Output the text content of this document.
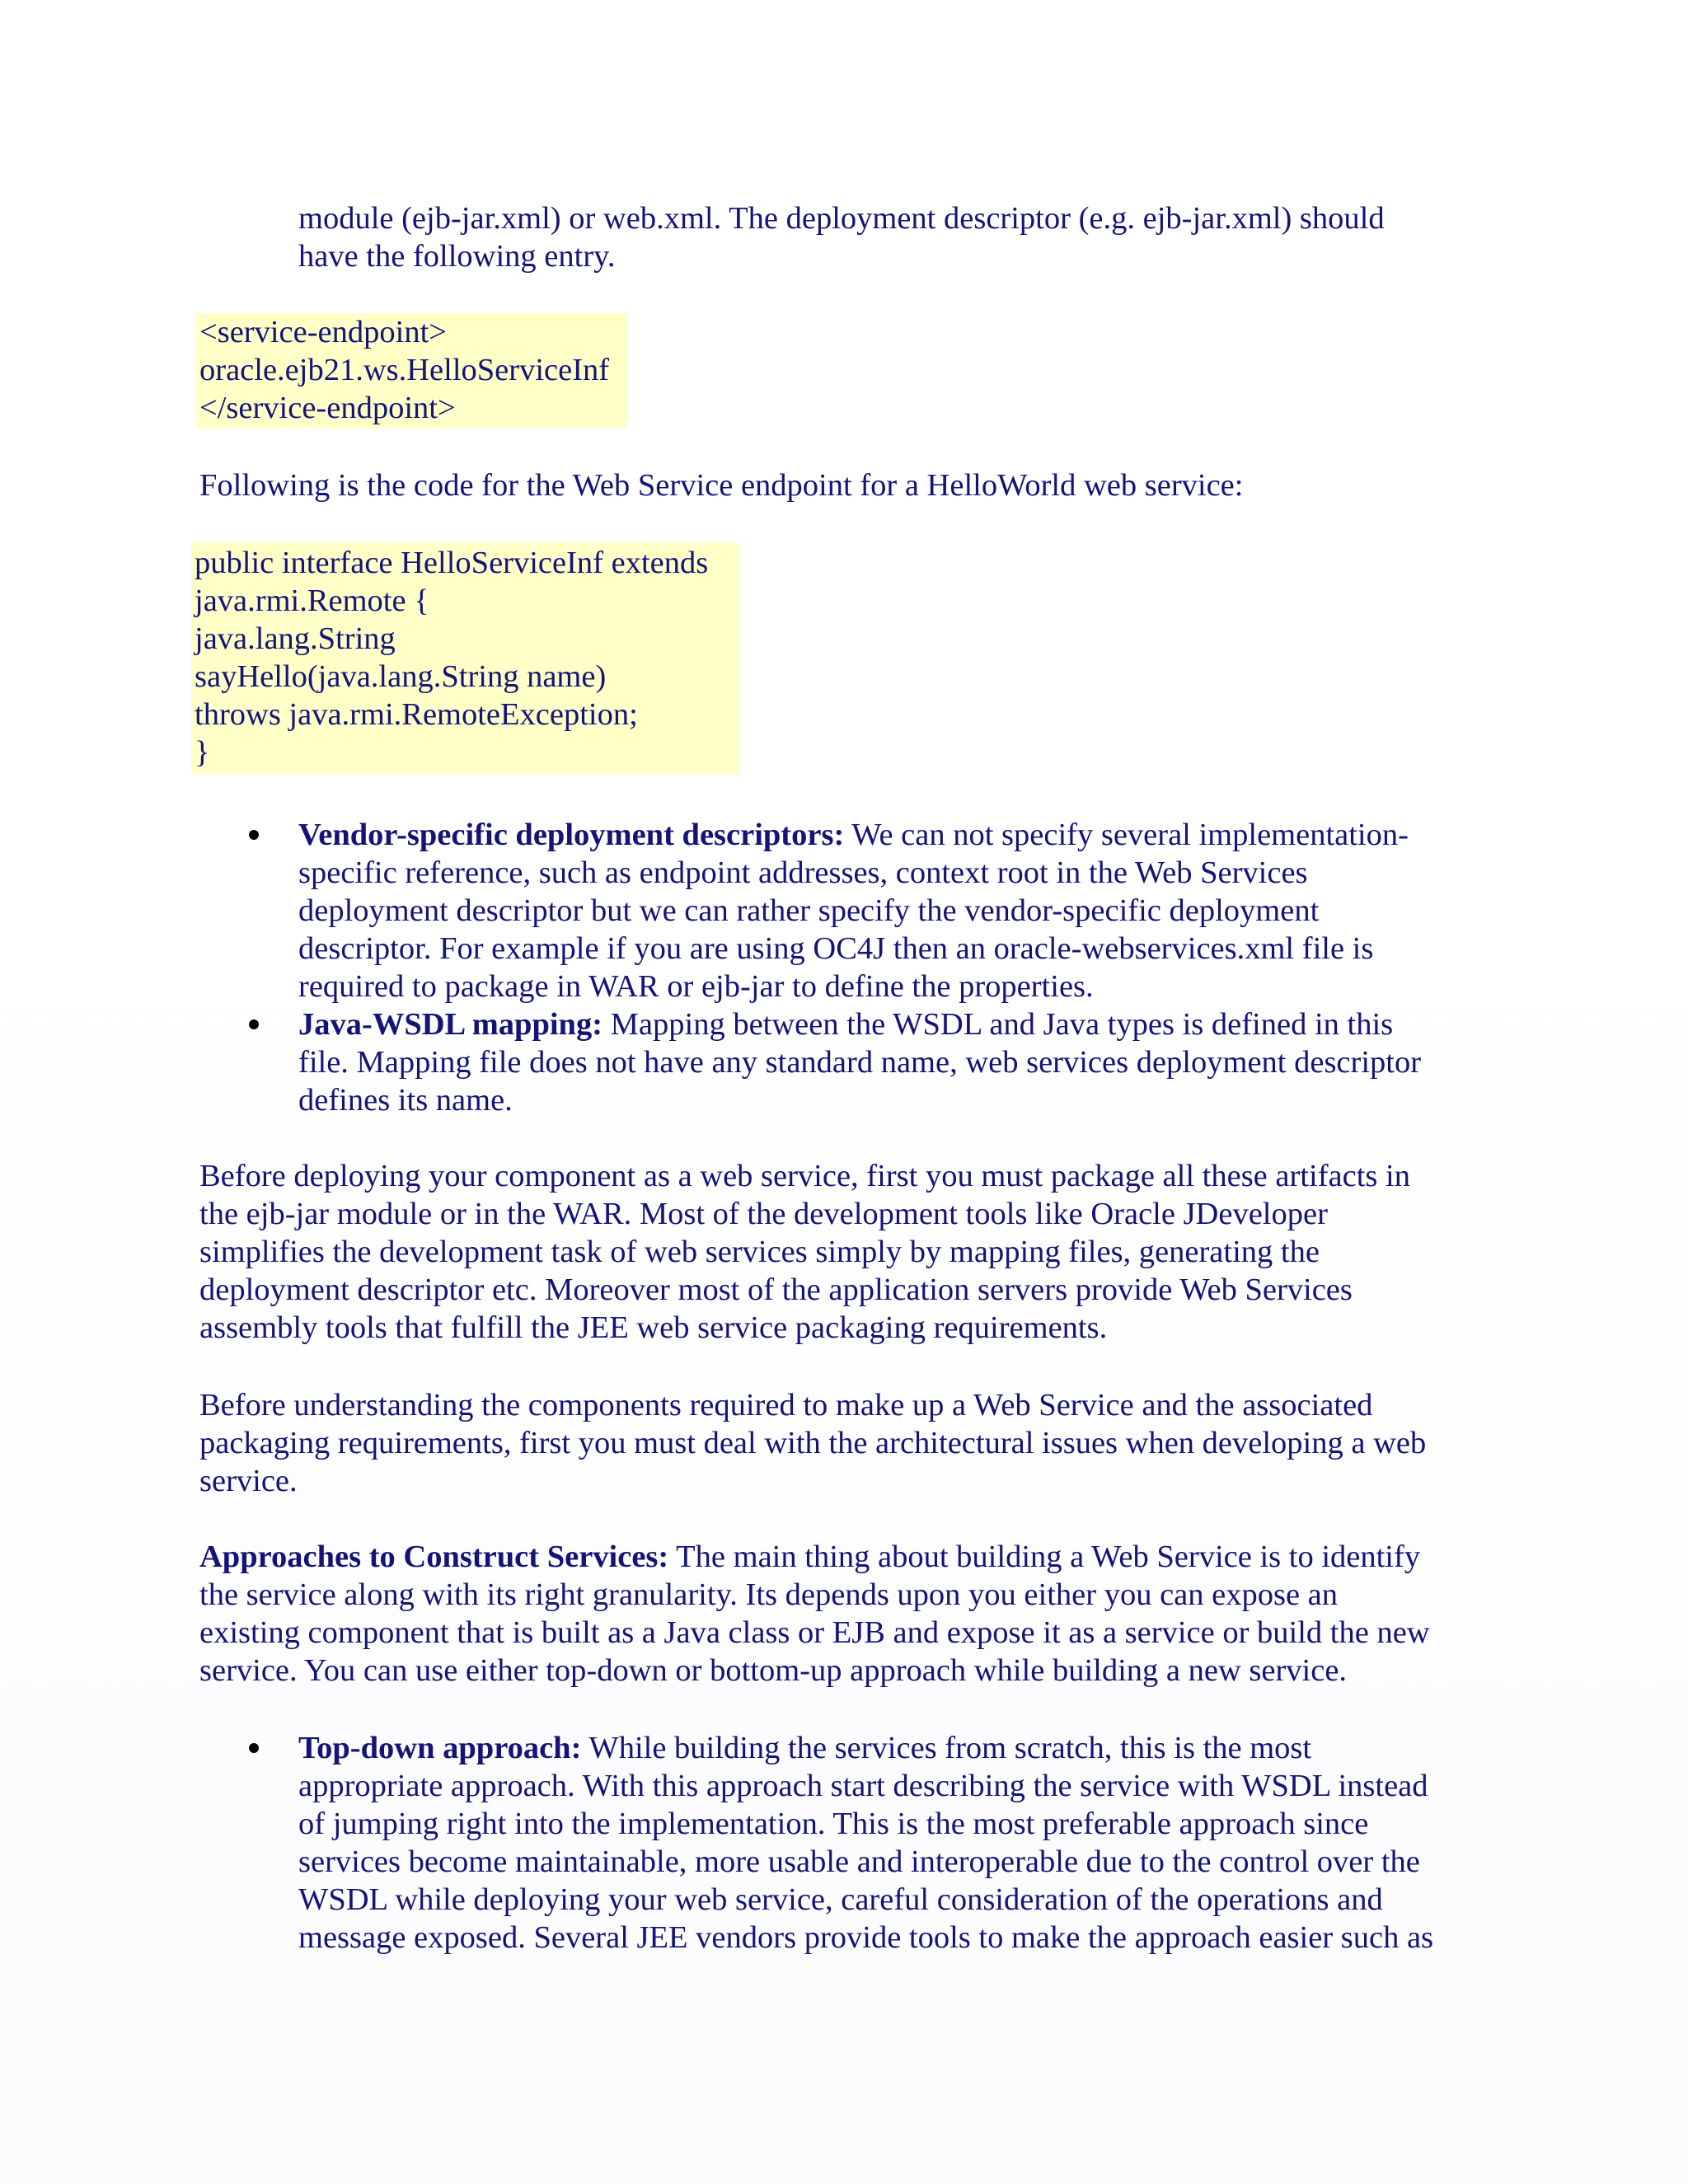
module (ejb-jar.xml) or web.xml. The deployment descriptor (e.g. ejb-jar.xml) should
have the following entry.
<service-endpoint>
oracle.ejb21.ws.HelloServiceInf
</service-endpoint>
Following is the code for the Web Service endpoint for a HelloWorld web service:
public interface HelloServiceInf extends
java.rmi.Remote {
java.lang.String
sayHello(java.lang.String name)
throws java.rmi.RemoteException;
}
Vendor-specific deployment descriptors: We can not specify several implementation-
specific reference, such as endpoint addresses, context root in the Web Services
deployment descriptor but we can rather specify the vendor-specific deployment
descriptor. For example if you are using OC4J then an oracle-webservices.xml file is
required to package in WAR or ejb-jar to define the properties.
Java-WSDL mapping: Mapping between the WSDL and Java types is defined in this
file. Mapping file does not have any standard name, web services deployment descriptor
defines its name.
Before deploying your component as a web service, first you must package all these artifacts in
the ejb-jar module or in the WAR. Most of the development tools like Oracle JDeveloper
simplifies the development task of web services simply by mapping files, generating the
deployment descriptor etc. Moreover most of the application servers provide Web Services
assembly tools that fulfill the JEE web service packaging requirements.
Before understanding the components required to make up a Web Service and the associated
packaging requirements, first you must deal with the architectural issues when developing a web
service.
Approaches to Construct Services: The main thing about building a Web Service is to identify
the service along with its right granularity. Its depends upon you either you can expose an
existing component that is built as a Java class or EJB and expose it as a service or build the new
service. You can use either top-down or bottom-up approach while building a new service.
Top-down approach: While building the services from scratch, this is the most
appropriate approach. With this approach start describing the service with WSDL instead
of jumping right into the implementation. This is the most preferable approach since
services become maintainable, more usable and interoperable due to the control over the
WSDL while deploying your web service, careful consideration of the operations and
message exposed. Several JEE vendors provide tools to make the approach easier such as
